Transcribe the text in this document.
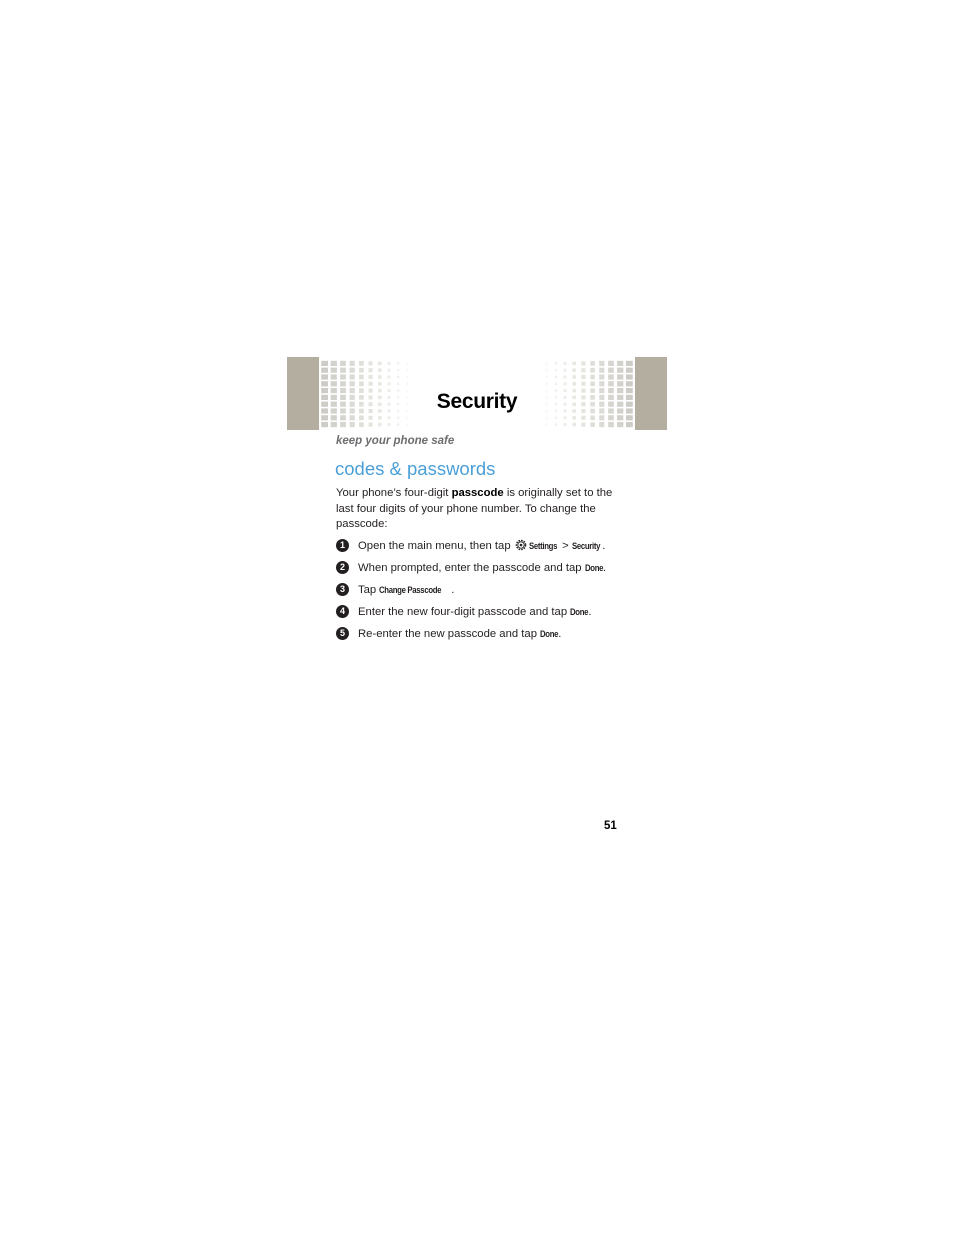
Security
keep your phone safe
codes & passwords
Your phone’s four-digit passcode is originally set to the last four digits of your phone number. To change the passcode:
1	Open the main menu, then tap Settings > Security .
2	When prompted, enter the passcode and tap Done.
3	Tap Change Passcode .
4	Enter the new four-digit passcode and tap Done.
5	Re-enter the new passcode and tap Done.
51
